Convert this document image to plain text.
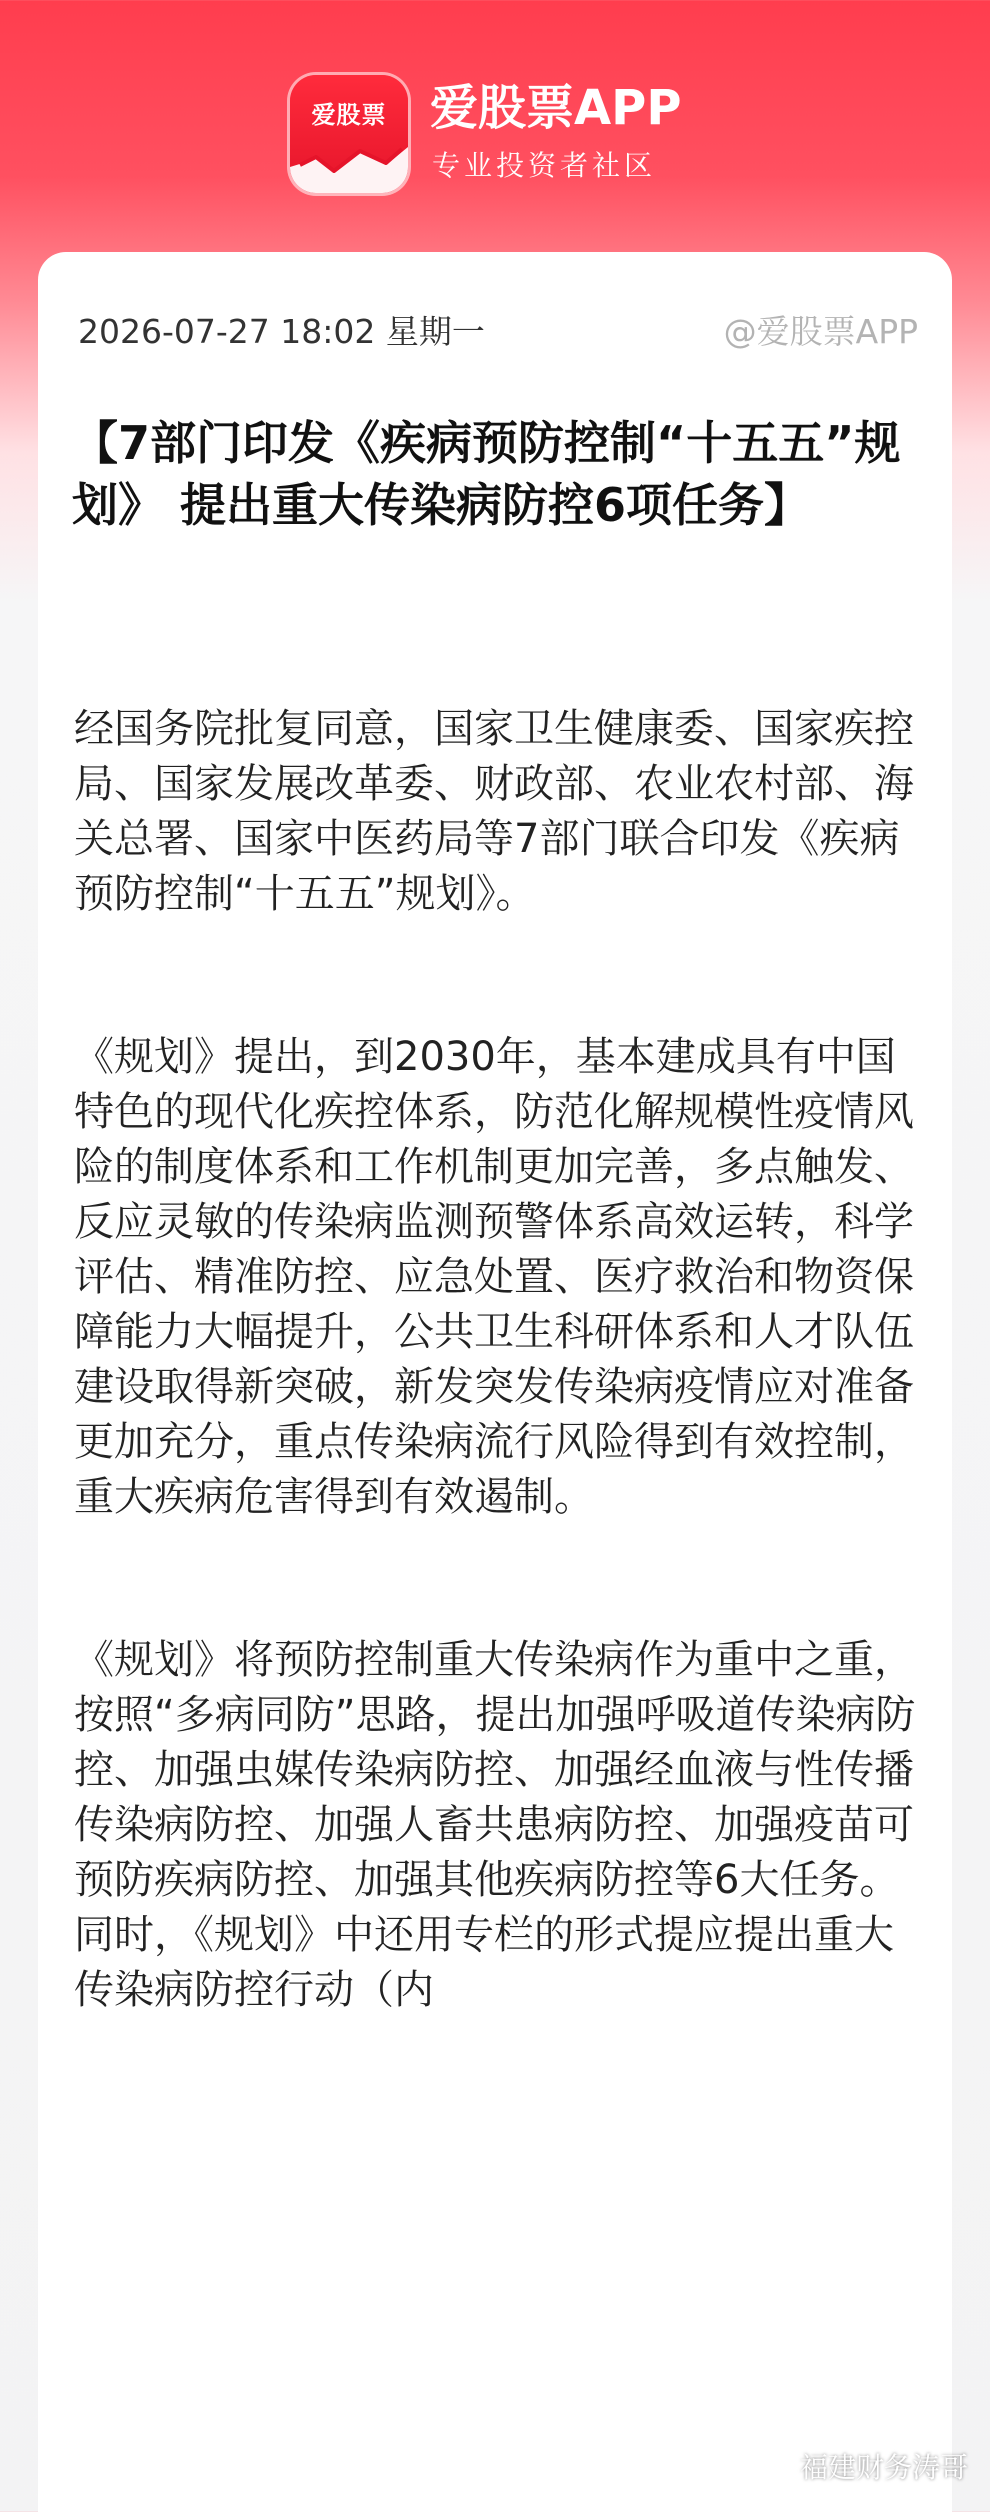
爱股票 爱股票APP
专业投资者社区
2026-07-27 18:02 星期一	@爱股票APP
【7部门印发《疾病预防控制“十五五”规划》 提出重大传染病防控6项任务】

经国务院批复同意，国家卫生健康委、国家疾控局、国家发展改革委、财政部、农业农村部、海关总署、国家中医药局等7部门联合印发《疾病预防控制“十五五”规划》。

《规划》提出，到2030年，基本建成具有中国特色的现代化疾控体系，防范化解规模性疫情风险的制度体系和工作机制更加完善，多点触发、反应灵敏的传染病监测预警体系高效运转，科学评估、精准防控、应急处置、医疗救治和物资保障能力大幅提升，公共卫生科研体系和人才队伍建设取得新突破，新发突发传染病疫情应对准备更加充分，重点传染病流行风险得到有效控制，重大疾病危害得到有效遏制。

《规划》将预防控制重大传染病作为重中之重，按照“多病同防”思路，提出加强呼吸道传染病防控、加强虫媒传染病防控、加强经血液与性传播传染病防控、加强人畜共患病防控、加强疫苗可预防疾病防控、加强其他疾病防控等6大任务。同时，《规划》中还用专栏的形式提应提出重大传染病防控行动（内

福建财务涛哥
